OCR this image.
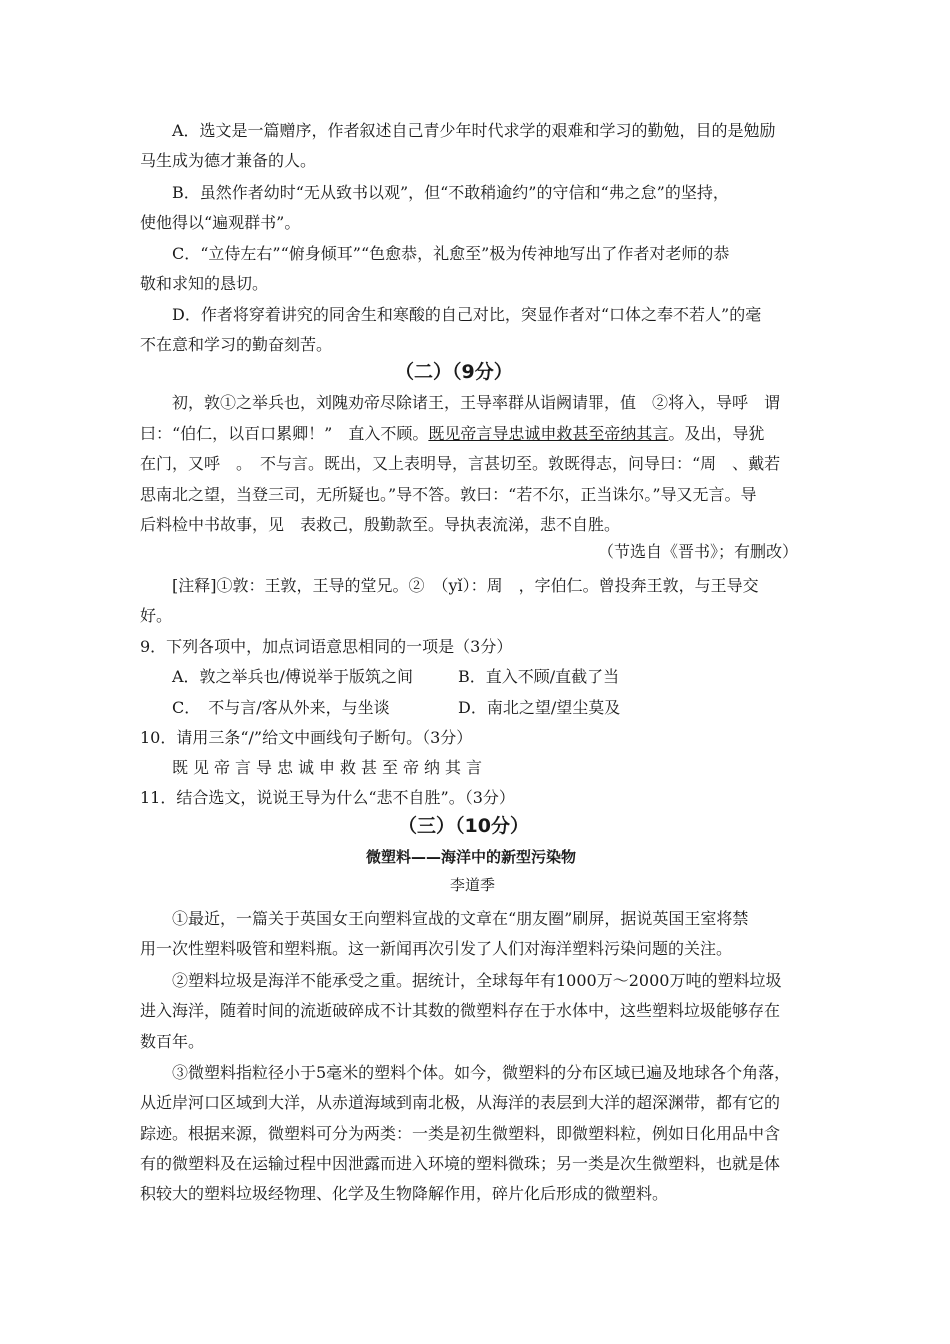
A．选文是一篇赠序，作者叙述自己青少年时代求学的艰难和学习的勤勉，目的是勉励
马生成为德才兼备的人。
B．虽然作者幼时“无从致书以观”，但“不敢稍逾约”的守信和“弗之怠”的坚持，
使他得以“遍观群书”。
C．“立侍左右”“俯身倾耳”“色愈恭，礼愈至”极为传神地写出了作者对老师的恭
敬和求知的恳切。
D．作者将穿着讲究的同舍生和寒酸的自己对比，突显作者对“口体之奉不若人”的毫
不在意和学习的勤奋刻苦。
（二）（9分）
初，敦①之举兵也，刘隗劝帝尽除诸王，王导率群从诣阙请罪，值　②将入，导呼　谓
曰：“伯仁，以百口累卿！”　直入不顾。既见帝言导忠诚申救甚至帝纳其言。及出，导犹
在门，又呼　。　不与言。既出，又上表明导，言甚切至。敦既得志，问导曰：“周　、戴若
思南北之望，当登三司，无所疑也。”导不答。敦曰：“若不尔，正当诛尔。”导又无言。导
后料检中书故事，见　表救己，殷勤款至。导执表流涕，悲不自胜。
（节选自《晋书》；有删改）
[注释]①敦：王敦，王导的堂兄。②　（yǐ）：周　，字伯仁。曾投奔王敦，与王导交
好。
9．下列各项中，加点词语意思相同的一项是（3分）
A．敦之举兵也/傅说举于版筑之间	B．直入不顾/直截了当
C．　不与言/客从外来，与坐谈	D．南北之望/望尘莫及
10．请用三条“/”给文中画线句子断句。（3分）
既见帝言导忠诚申救甚至帝纳其言
11．结合选文，说说王导为什么“悲不自胜”。（3分）
（三）（10分）
微塑料——海洋中的新型污染物
李道季
①最近，一篇关于英国女王向塑料宣战的文章在“朋友圈”刷屏，据说英国王室将禁
用一次性塑料吸管和塑料瓶。这一新闻再次引发了人们对海洋塑料污染问题的关注。
②塑料垃圾是海洋不能承受之重。据统计，全球每年有1000万～2000万吨的塑料垃圾
进入海洋，随着时间的流逝破碎成不计其数的微塑料存在于水体中，这些塑料垃圾能够存在
数百年。
③微塑料指粒径小于5毫米的塑料个体。如今，微塑料的分布区域已遍及地球各个角落，
从近岸河口区域到大洋，从赤道海域到南北极，从海洋的表层到大洋的超深渊带，都有它的
踪迹。根据来源，微塑料可分为两类：一类是初生微塑料，即微塑料粒，例如日化用品中含
有的微塑料及在运输过程中因泄露而进入环境的塑料微珠；另一类是次生微塑料，也就是体
积较大的塑料垃圾经物理、化学及生物降解作用，碎片化后形成的微塑料。
